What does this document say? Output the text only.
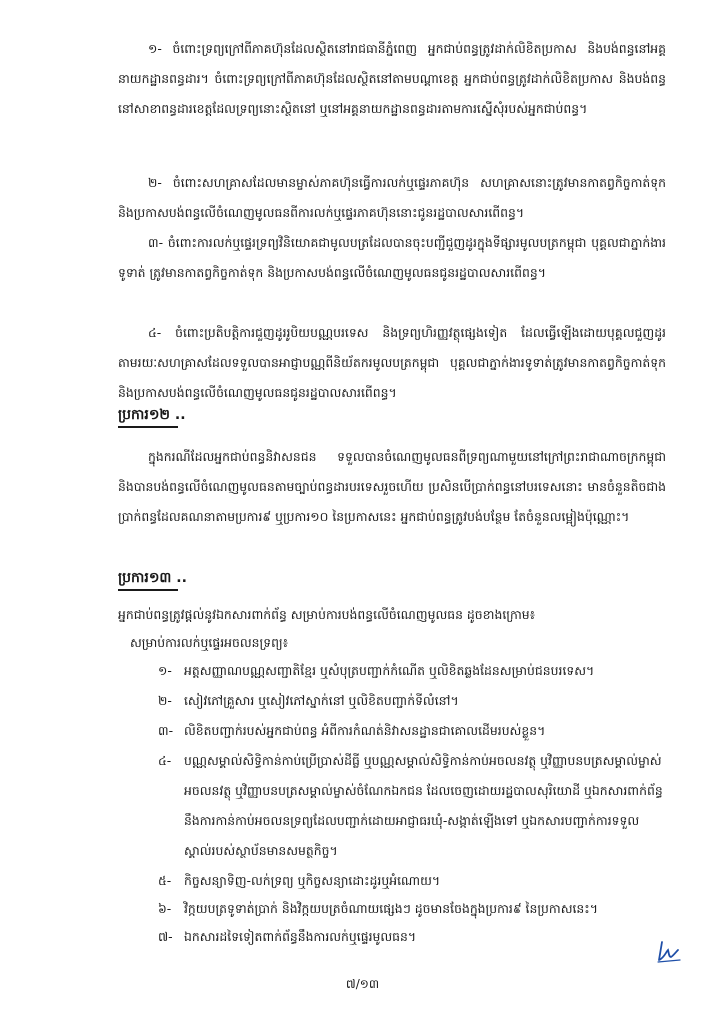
១- ចំពោះទ្រព្យក្រៅពីភាគហ៊ុនដែលស្ថិតនៅរាជធានីភ្នំពេញ អ្នកជាប់ពន្ធត្រូវដាក់លិខិតប្រកាស និងបង់ពន្ធនៅអគ្គនាយកដ្ឋានពន្ធដារ។ ចំពោះទ្រព្យក្រៅពីភាគហ៊ុនដែលស្ថិតនៅតាមបណ្តាខេត្ត អ្នកជាប់ពន្ធត្រូវដាក់លិខិតប្រកាស និងបង់ពន្ធនៅសាខាពន្ធដារខេត្តដែលទ្រព្យនោះស្ថិតនៅ ឬនៅអគ្គនាយកដ្ឋានពន្ធដារតាមការស្នើសុំរបស់អ្នកជាប់ពន្ធ។

២- ចំពោះសហគ្រាសដែលមានម្ចាស់ភាគហ៊ុនធ្វើការលក់ឬផ្ទេរភាគហ៊ុន សហគ្រាសនោះត្រូវមានកាតព្វកិច្ចកាត់ទុក និងប្រកាសបង់ពន្ធលើចំណេញមូលធនពីការលក់ឬផ្ទេរភាគហ៊ុននោះជូនរដ្ឋបាលសារពើពន្ធ។

៣- ចំពោះការលក់ឬផ្ទេរទ្រព្យវិនិយោគជាមូលបត្រដែលបានចុះបញ្ជីជួញដូរក្នុងទីផ្សារមូលបត្រកម្ពុជា បុគ្គលជាភ្នាក់ងារទូទាត់ ត្រូវមានកាតព្វកិច្ចកាត់ទុក និងប្រកាសបង់ពន្ធលើចំណេញមូលធនជូនរដ្ឋបាលសារពើពន្ធ។

៤- ចំពោះប្រតិបត្តិការជួញដូររូបិយបណ្ណបរទេស និងទ្រព្យហិរញ្ញវត្ថុផ្សេងទៀត ដែលធ្វើឡើងដោយបុគ្គលជួញដូរតាមរយៈសហគ្រាសដែលទទួលបានអាជ្ញាបណ្ណពីនិយ័តករមូលបត្រកម្ពុជា បុគ្គលជាភ្នាក់ងារទូទាត់ត្រូវមានកាតព្វកិច្ចកាត់ទុក និងប្រកាសបង់ពន្ធលើចំណេញមូលធនជូនរដ្ឋបាលសារពើពន្ធ។

ប្រការ១២ ..

ក្នុងករណីដែលអ្នកជាប់ពន្ធនិវាសនជន ទទួលបានចំណេញមូលធនពីទ្រព្យណាមួយនៅក្រៅព្រះរាជាណាចក្រកម្ពុជា និងបានបង់ពន្ធលើចំណេញមូលធនតាមច្បាប់ពន្ធដារបរទេសរួចហើយ ប្រសិនបើប្រាក់ពន្ធនៅបរទេសនោះ មានចំនួនតិចជាងប្រាក់ពន្ធដែលគណនាតាមប្រការ៩ ឬប្រការ១០ នៃប្រកាសនេះ អ្នកជាប់ពន្ធត្រូវបង់បន្ថែម តែចំនួនលម្អៀងប៉ុណ្ណោះ។

ប្រការ១៣ ..

អ្នកជាប់ពន្ធត្រូវផ្តល់នូវឯកសារពាក់ព័ន្ធ សម្រាប់ការបង់ពន្ធលើចំណេញមូលធន ដូចខាងក្រោម៖

សម្រាប់ការលក់ឬផ្ទេរអចលនទ្រព្យ៖

១- អត្តសញ្ញាណបណ្ណសញ្ជាតិខ្មែរ ឬសំបុត្របញ្ជាក់កំណើត ឬលិខិតឆ្លងដែនសម្រាប់ជនបរទេស។
២- សៀវភៅគ្រួសារ ឬសៀវភៅស្នាក់នៅ ឬលិខិតបញ្ជាក់ទីលំនៅ។
៣- លិខិតបញ្ជាក់របស់អ្នកជាប់ពន្ធ អំពីការកំណត់និវាសនដ្ឋានជាគោលដើមរបស់ខ្លួន។
៤-	បណ្ណសម្គាល់សិទ្ធិកាន់កាប់ប្រើប្រាស់ដីធ្លី ឬបណ្ណសម្គាល់សិទ្ធិកាន់កាប់អចលនវត្ថុ ឬវិញ្ញាបនបត្រសម្គាល់ម្ចាស់អចលនវត្ថុ ឬវិញ្ញាបនបត្រសម្គាល់ម្ចាស់ចំណែកឯកជន ដែលចេញដោយរដ្ឋបាលសុរិយោដី ឬឯកសារពាក់ព័ន្ធនឹងការកាន់កាប់អចលនទ្រព្យដែលបញ្ជាក់ដោយអាជ្ញាធរឃុំ-សង្កាត់ឡើងទៅ ឬឯកសារបញ្ជាក់ការទទួលស្គាល់របស់ស្ថាប័នមានសមត្ថកិច្ច។
៥-	កិច្ចសន្យាទិញ-លក់ទ្រព្យ ឬកិច្ចសន្យាដោះដូរឬអំណោយ។
៦-	វិក្កយបត្រទូទាត់ប្រាក់ និងវិក្កយបត្រចំណាយផ្សេងៗ ដូចមានចែងក្នុងប្រការ៩ នៃប្រកាសនេះ។
៧- ឯកសារដទៃទៀតពាក់ព័ន្ធនឹងការលក់ឬផ្ទេរមូលធន។
៧/១៣
